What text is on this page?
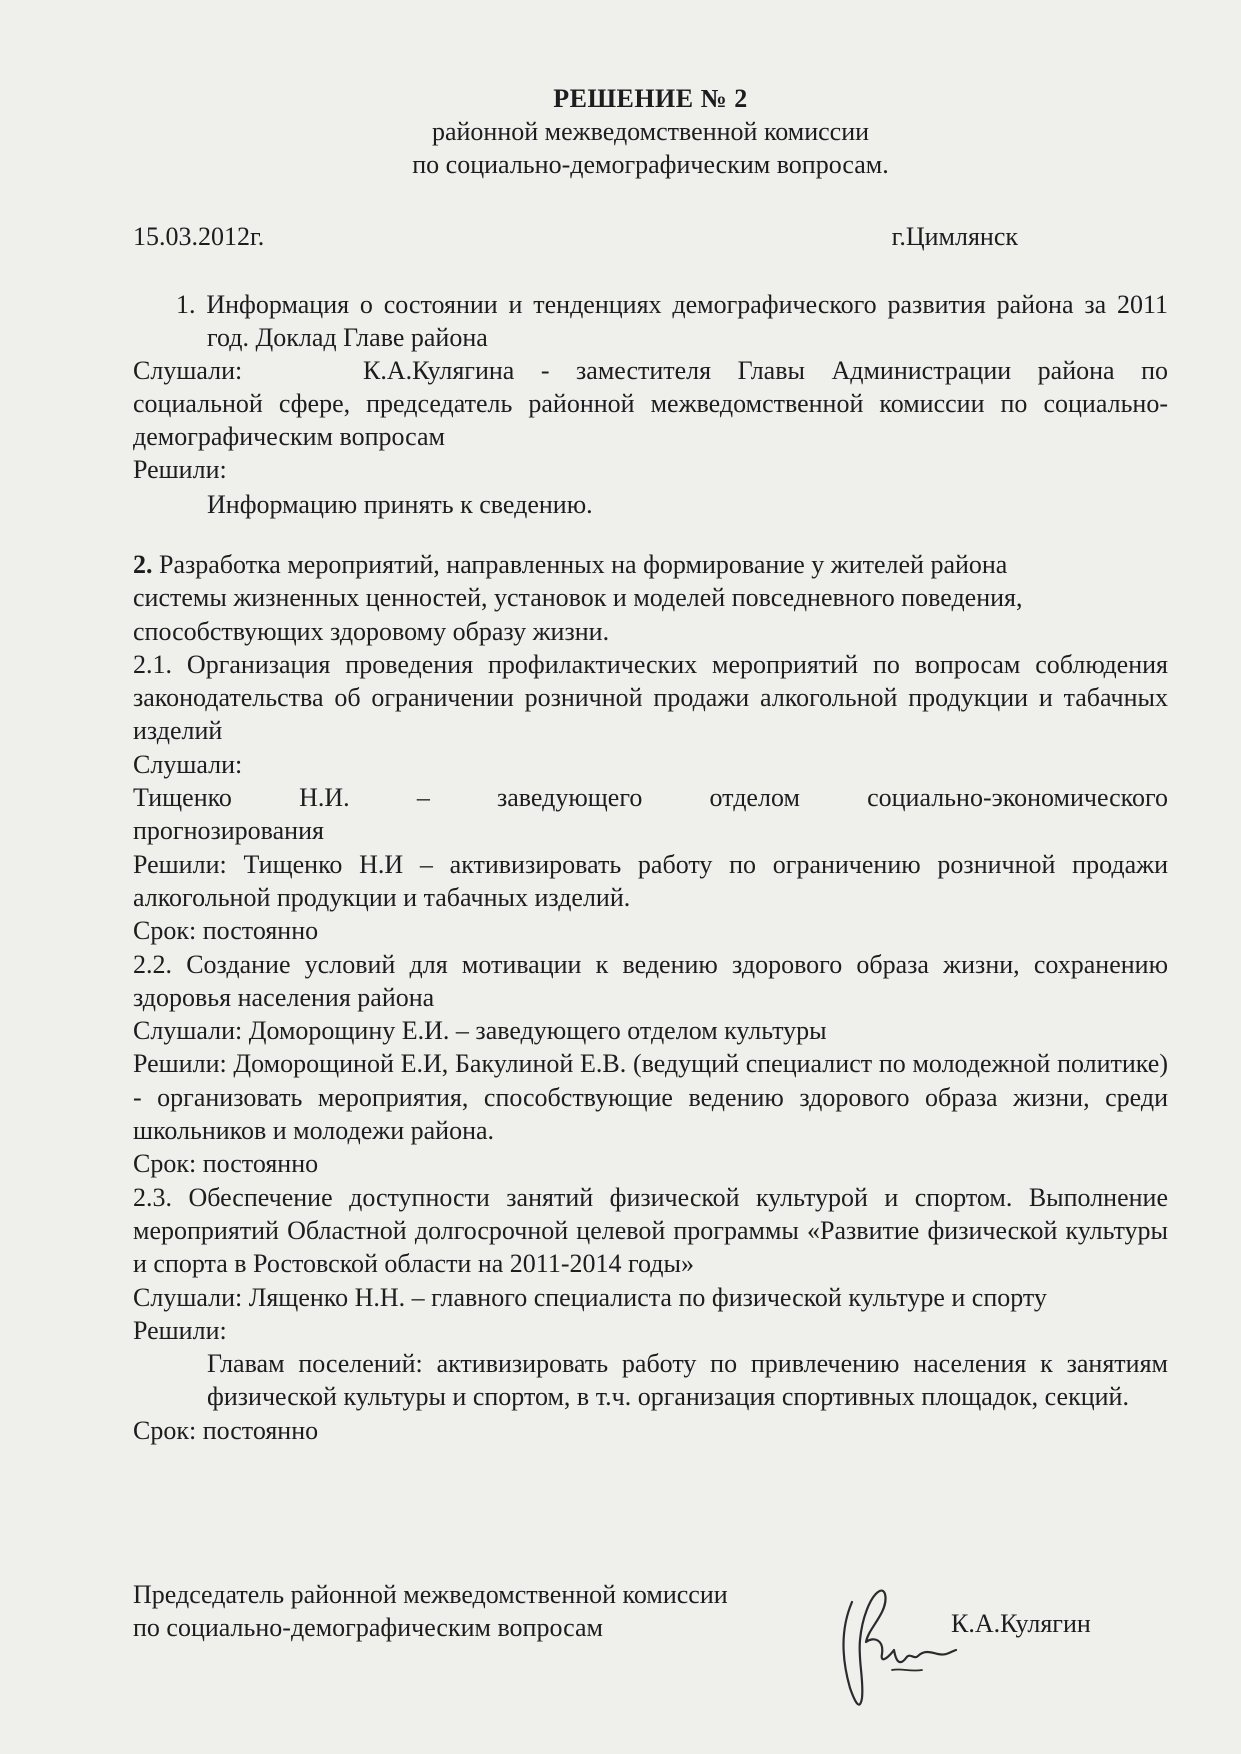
РЕШЕНИЕ № 2
районной межведомственной комиссии
по социально-демографическим вопросам.
15.03.2012г.	г.Цимлянск
1. Информация о состоянии и тенденциях демографического развития района за 2011 год. Доклад Главе района
Слушали:	К.А.Кулягина - заместителя Главы Администрации района по
социальной сфере, председатель районной межведомственной комиссии по социально-демографическим вопросам
Решили:
Информацию принять к сведению.
2. Разработка мероприятий, направленных на формирование у жителей района системы жизненных ценностей, установок и моделей повседневного поведения, способствующих здоровому образу жизни.
2.1. Организация проведения профилактических мероприятий по вопросам соблюдения законодательства об ограничении розничной продажи алкогольной продукции и табачных изделий
Слушали:
Тищенко Н.И. – заведующего отделом социально-экономического прогнозирования
Решили: Тищенко Н.И – активизировать работу по ограничению розничной продажи алкогольной продукции и табачных изделий.
Срок: постоянно
2.2. Создание условий для мотивации к ведению здорового образа жизни, сохранению здоровья населения района
Слушали: Доморощину Е.И. – заведующего отделом культуры
Решили: Доморощиной Е.И, Бакулиной Е.В. (ведущий специалист по молодежной политике) - организовать мероприятия, способствующие ведению здорового образа жизни, среди школьников и молодежи района.
Срок: постоянно
2.3. Обеспечение доступности занятий физической культурой и спортом. Выполнение мероприятий Областной долгосрочной целевой программы «Развитие физической культуры и спорта в Ростовской области на 2011-2014 годы»
Слушали: Лященко Н.Н. – главного специалиста по физической культуре и спорту
Решили:
Главам поселений: активизировать работу по привлечению населения к занятиям физической культуры и спортом, в т.ч. организация спортивных площадок, секций.
Срок: постоянно
Председатель районной межведомственной комиссии
по социально-демографическим вопросам	К.А.Кулягин
